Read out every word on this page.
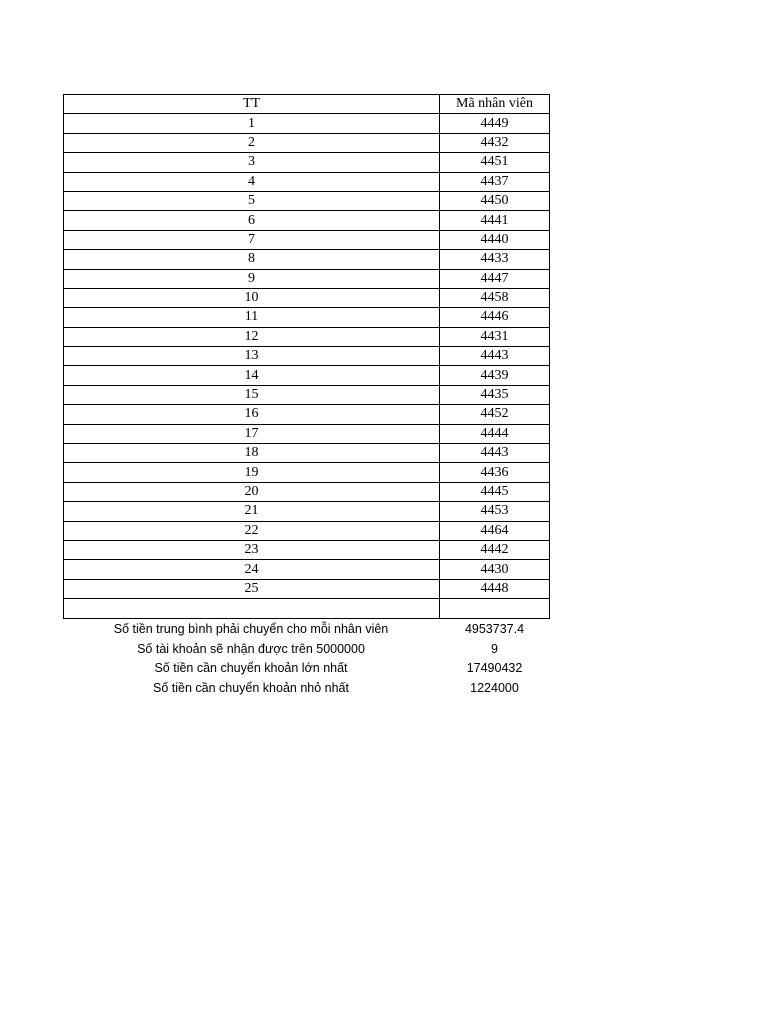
TT	Mã nhân viên
1	4449
2	4432
3	4451
4	4437
5	4450
6	4441
7	4440
8	4433
9	4447
10	4458
11	4446
12	4431
13	4443
14	4439
15	4435
16	4452
17	4444
18	4443
19	4436
20	4445
21	4453
22	4464
23	4442
24	4430
25	4448

Số tiền trung bình phải chuyển cho mỗi nhân viên	4953737.4
Số tài khoản sẽ nhận được trên 5000000	9
Số tiền cần chuyển khoản lớn nhất	17490432
Số tiền cần chuyển khoản nhỏ nhất	1224000
